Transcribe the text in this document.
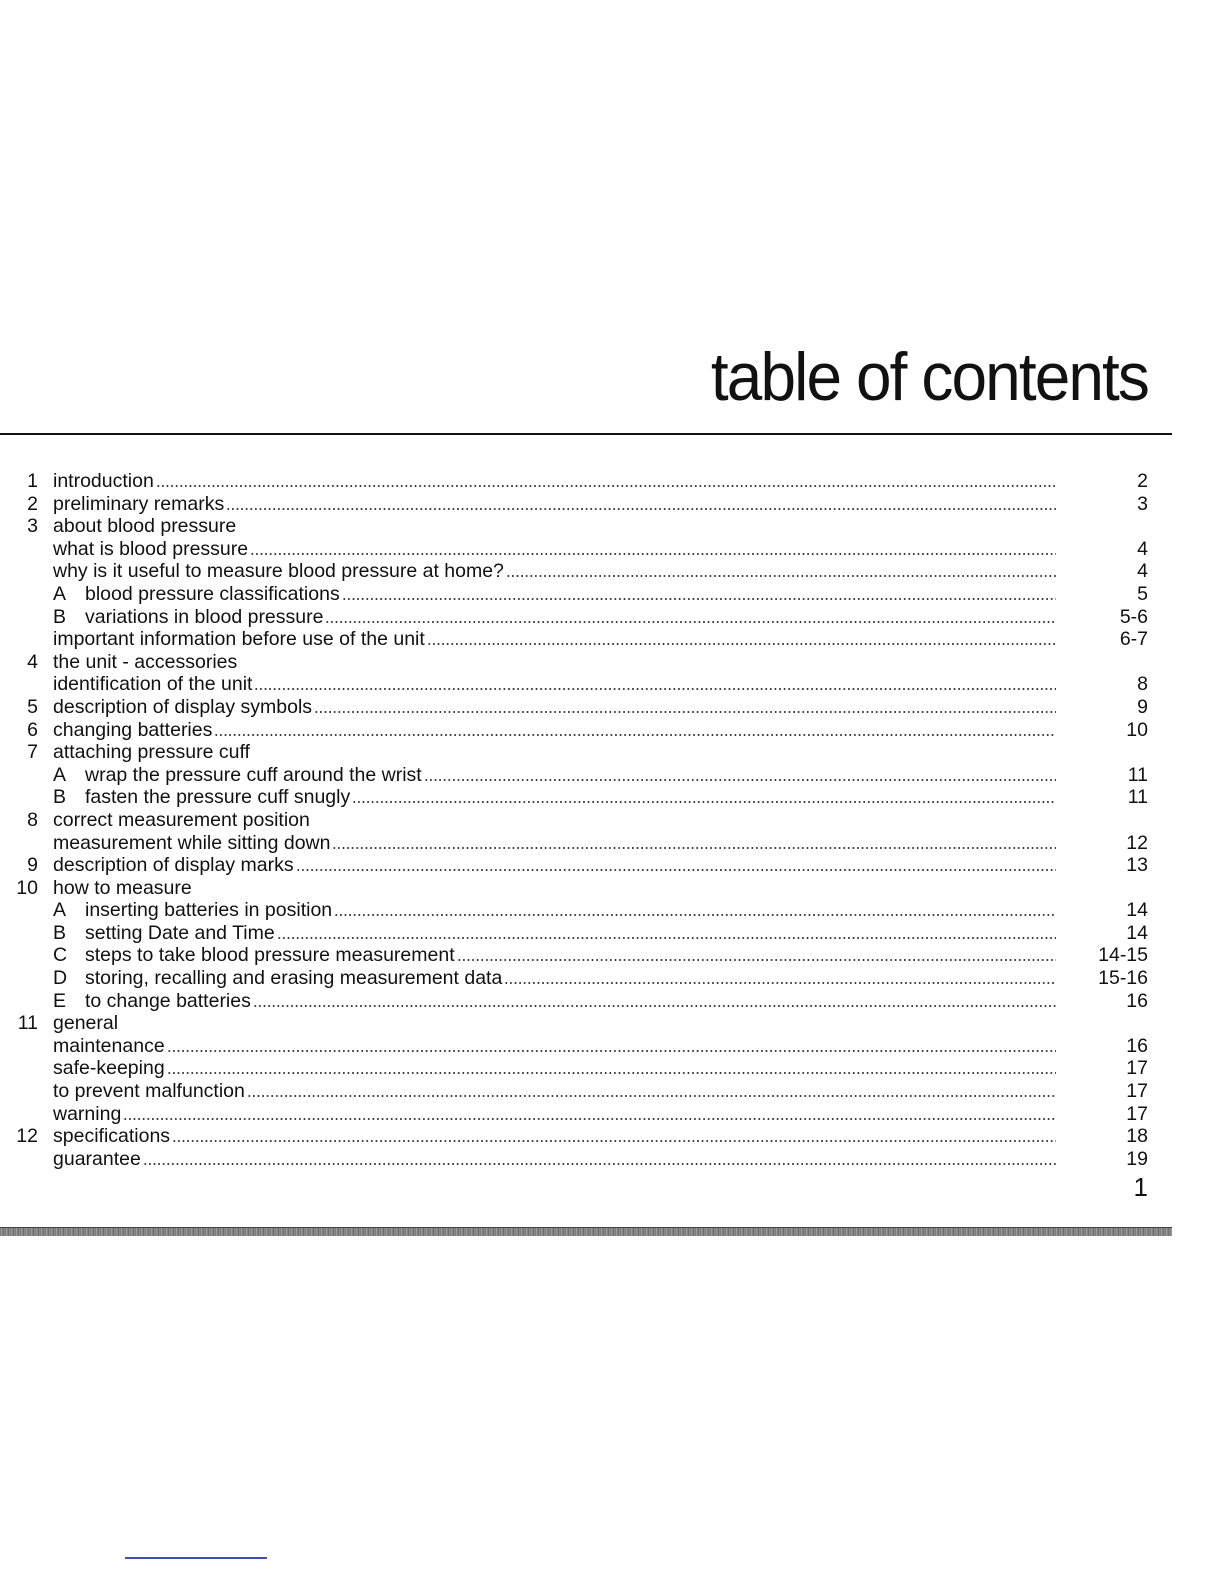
table of contents
1 introduction	2
2 preliminary remarks	3
3 about blood pressure
what is blood pressure	4
why is it useful to measure blood pressure at home?	4
A blood pressure classifications	5
B variations in blood pressure	5-6
important information before use of the unit	6-7
4 the unit - accessories
identification of the unit	8
5 description of display symbols	9
6 changing batteries	10
7 attaching pressure cuff
A wrap the pressure cuff around the wrist	11
B fasten the pressure cuff snugly	11
8 correct measurement position
measurement while sitting down	12
9 description of display marks	13
10 how to measure
A inserting batteries in position	14
B setting Date and Time	14
C steps to take blood pressure measurement	14-15
D storing, recalling and erasing measurement data	15-16
E to change batteries	16
11 general
maintenance	16
safe-keeping	17
to prevent malfunction	17
warning	17
12 specifications	18
guarantee	19
1
